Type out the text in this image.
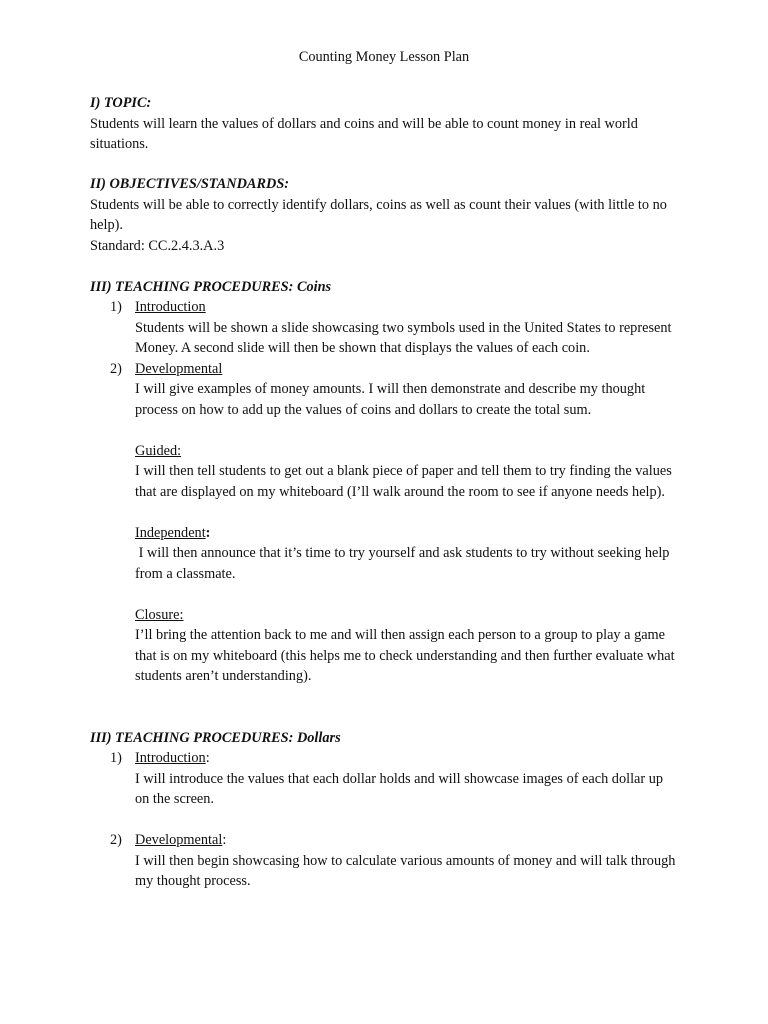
Counting Money Lesson Plan

I) TOPIC:

Students will learn the values of dollars and coins and will be able to count money in real world situations.

II) OBJECTIVES/STANDARDS:

Students will be able to correctly identify dollars, coins as well as count their values (with little to no help).

Standard: CC.2.4.3.A.3

III) TEACHING PROCEDURES: Coins

1) Introduction

Students will be shown a slide showcasing two symbols used in the United States to represent Money. A second slide will then be shown that displays the values of each coin.

2) Developmental

I will give examples of money amounts. I will then demonstrate and describe my thought process on how to add up the values of coins and dollars to create the total sum.

Guided:

I will then tell students to get out a blank piece of paper and tell them to try finding the values that are displayed on my whiteboard (I’ll walk around the room to see if anyone needs help).

Independent:

I will then announce that it’s time to try yourself and ask students to try without seeking help from a classmate.

Closure:

I’ll bring the attention back to me and will then assign each person to a group to play a game that is on my whiteboard (this helps me to check understanding and then further evaluate what students aren’t understanding).

III) TEACHING PROCEDURES: Dollars

1) Introduction:

I will introduce the values that each dollar holds and will showcase images of each dollar up on the screen.

2) Developmental:

I will then begin showcasing how to calculate various amounts of money and will talk through my thought process.
